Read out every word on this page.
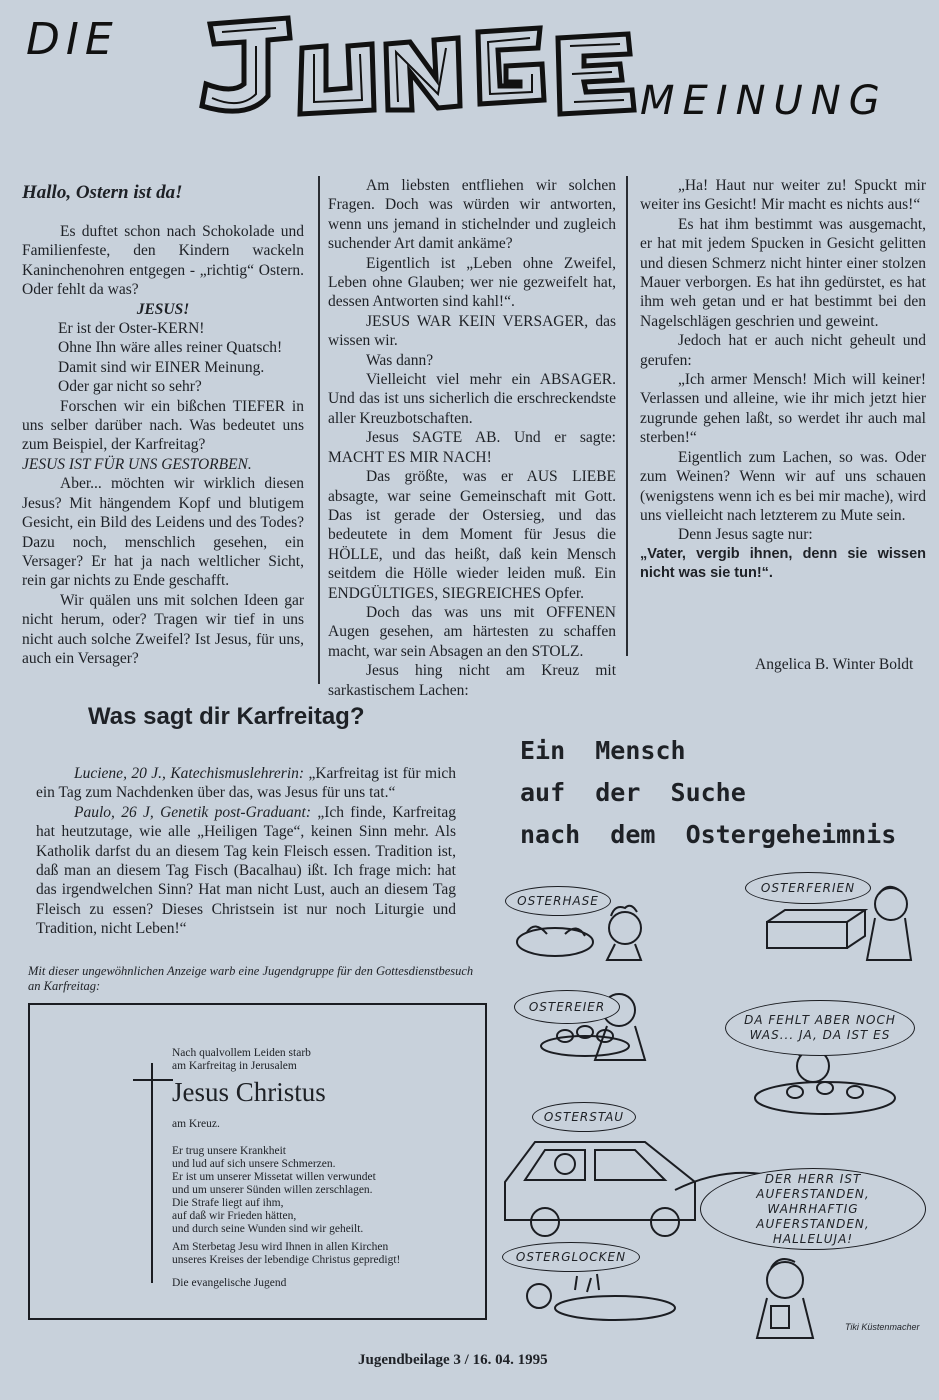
DIE
MEINUNG
Hallo, Ostern ist da!

Es duftet schon nach Schokolade und Familienfeste, den Kindern wackeln Kaninchenohren entgegen - „richtig“ Ostern. Oder fehlt da was?

JESUS!

Er ist der Oster-KERN!

Ohne Ihn wäre alles reiner Quatsch!

Damit sind wir EINER Meinung.

Oder gar nicht so sehr?

Forschen wir ein bißchen TIEFER in uns selber darüber nach. Was bedeutet uns zum Beispiel, der Karfreitag?

JESUS IST FÜR UNS GESTORBEN.

Aber... möchten wir wirklich diesen Jesus? Mit hängendem Kopf und blutigem Gesicht, ein Bild des Leidens und des Todes? Dazu noch, menschlich gesehen, ein Versager? Er hat ja nach weltlicher Sicht, rein gar nichts zu Ende geschafft.

Wir quälen uns mit solchen Ideen gar nicht herum, oder? Tragen wir tief in uns nicht auch solche Zweifel? Ist Jesus, für uns, auch ein Versager?

Am liebsten entfliehen wir solchen Fragen. Doch was würden wir antworten, wenn uns jemand in stichelnder und zugleich suchender Art damit ankäme?

Eigentlich ist „Leben ohne Zweifel, Leben ohne Glauben; wer nie gezweifelt hat, dessen Antworten sind kahl!“.

JESUS WAR KEIN VERSAGER, das wissen wir.

Was dann?

Vielleicht viel mehr ein ABSAGER. Und das ist uns sicherlich die erschreckendste aller Kreuzbotschaften.

Jesus SAGTE AB. Und er sagte: MACHT ES MIR NACH!

Das größte, was er AUS LIEBE absagte, war seine Gemeinschaft mit Gott. Das ist gerade der Ostersieg, und das bedeutete in dem Moment für Jesus die HÖLLE, und das heißt, daß kein Mensch seitdem die Hölle wieder leiden muß. Ein ENDGÜLTIGES, SIEGREICHES Opfer.

Doch das was uns mit OFFENEN Augen gesehen, am härtesten zu schaffen macht, war sein Absagen an den STOLZ.

Jesus hing nicht am Kreuz mit sarkastischem Lachen:

„Ha! Haut nur weiter zu! Spuckt mir weiter ins Gesicht! Mir macht es nichts aus!“

Es hat ihm bestimmt was ausgemacht, er hat mit jedem Spucken in Gesicht gelitten und diesen Schmerz nicht hinter einer stolzen Mauer verborgen. Es hat ihn gedürstet, es hat ihm weh getan und er hat bestimmt bei den Nagelschlägen geschrien und geweint.

Jedoch hat er auch nicht geheult und gerufen:

„Ich armer Mensch! Mich will keiner! Verlassen und alleine, wie ihr mich jetzt hier zugrunde gehen laßt, so werdet ihr auch mal sterben!“

Eigentlich zum Lachen, so was. Oder zum Weinen? Wenn wir auf uns schauen (wenigstens wenn ich es bei mir mache), wird uns vielleicht nach letzterem zu Mute sein.

Denn Jesus sagte nur:

„Vater, vergib ihnen, denn sie wissen nicht was sie tun!“.

Angelica B. Winter Boldt
Was sagt dir Karfreitag?

Luciene, 20 J., Katechismuslehrerin: „Karfreitag ist für mich ein Tag zum Nachdenken über das, was Jesus für uns tat.“

Paulo, 26 J, Genetik post-Graduant: „Ich finde, Karfreitag hat heutzutage, wie alle „Heiligen Tage“, keinen Sinn mehr. Als Katholik darfst du an diesem Tag kein Fleisch essen. Tradition ist, daß man an diesem Tag Fisch (Bacalhau) ißt. Ich frage mich: hat das irgendwelchen Sinn? Hat man nicht Lust, auch an diesem Tag Fleisch zu essen? Dieses Christsein ist nur noch Liturgie und Tradition, nicht Leben!“

Mit dieser ungewöhnlichen Anzeige warb eine Jugendgruppe für den Gottesdienstbesuch an Karfreitag:
Nach qualvollem Leiden starb
am Karfreitag in Jerusalem
Jesus Christus
am Kreuz.
Er trug unsere Krankheit
und lud auf sich unsere Schmerzen.
Er ist um unserer Missetat willen verwundet
und um unserer Sünden willen zerschlagen.
Die Strafe liegt auf ihm,
auf daß wir Frieden hätten,
und durch seine Wunden sind wir geheilt.
Am Sterbetag Jesu wird Ihnen in allen Kirchen
unseres Kreises der lebendige Christus gepredigt!
Die evangelische Jugend
Ein  Mensch
auf  der  Suche
nach  dem  Ostergeheimnis
OSTERHASE
OSTERFERIEN
OSTEREIER
DA FEHLT ABER NOCH
WAS... JA, DA IST ES
OSTERSTAU
DER HERR IST
AUFERSTANDEN,
WAHRHAFTIG AUFERSTANDEN,
HALLELUJA!
OSTERGLOCKEN
Tiki Küstenmacher
Jugendbeilage 3 / 16. 04. 1995
